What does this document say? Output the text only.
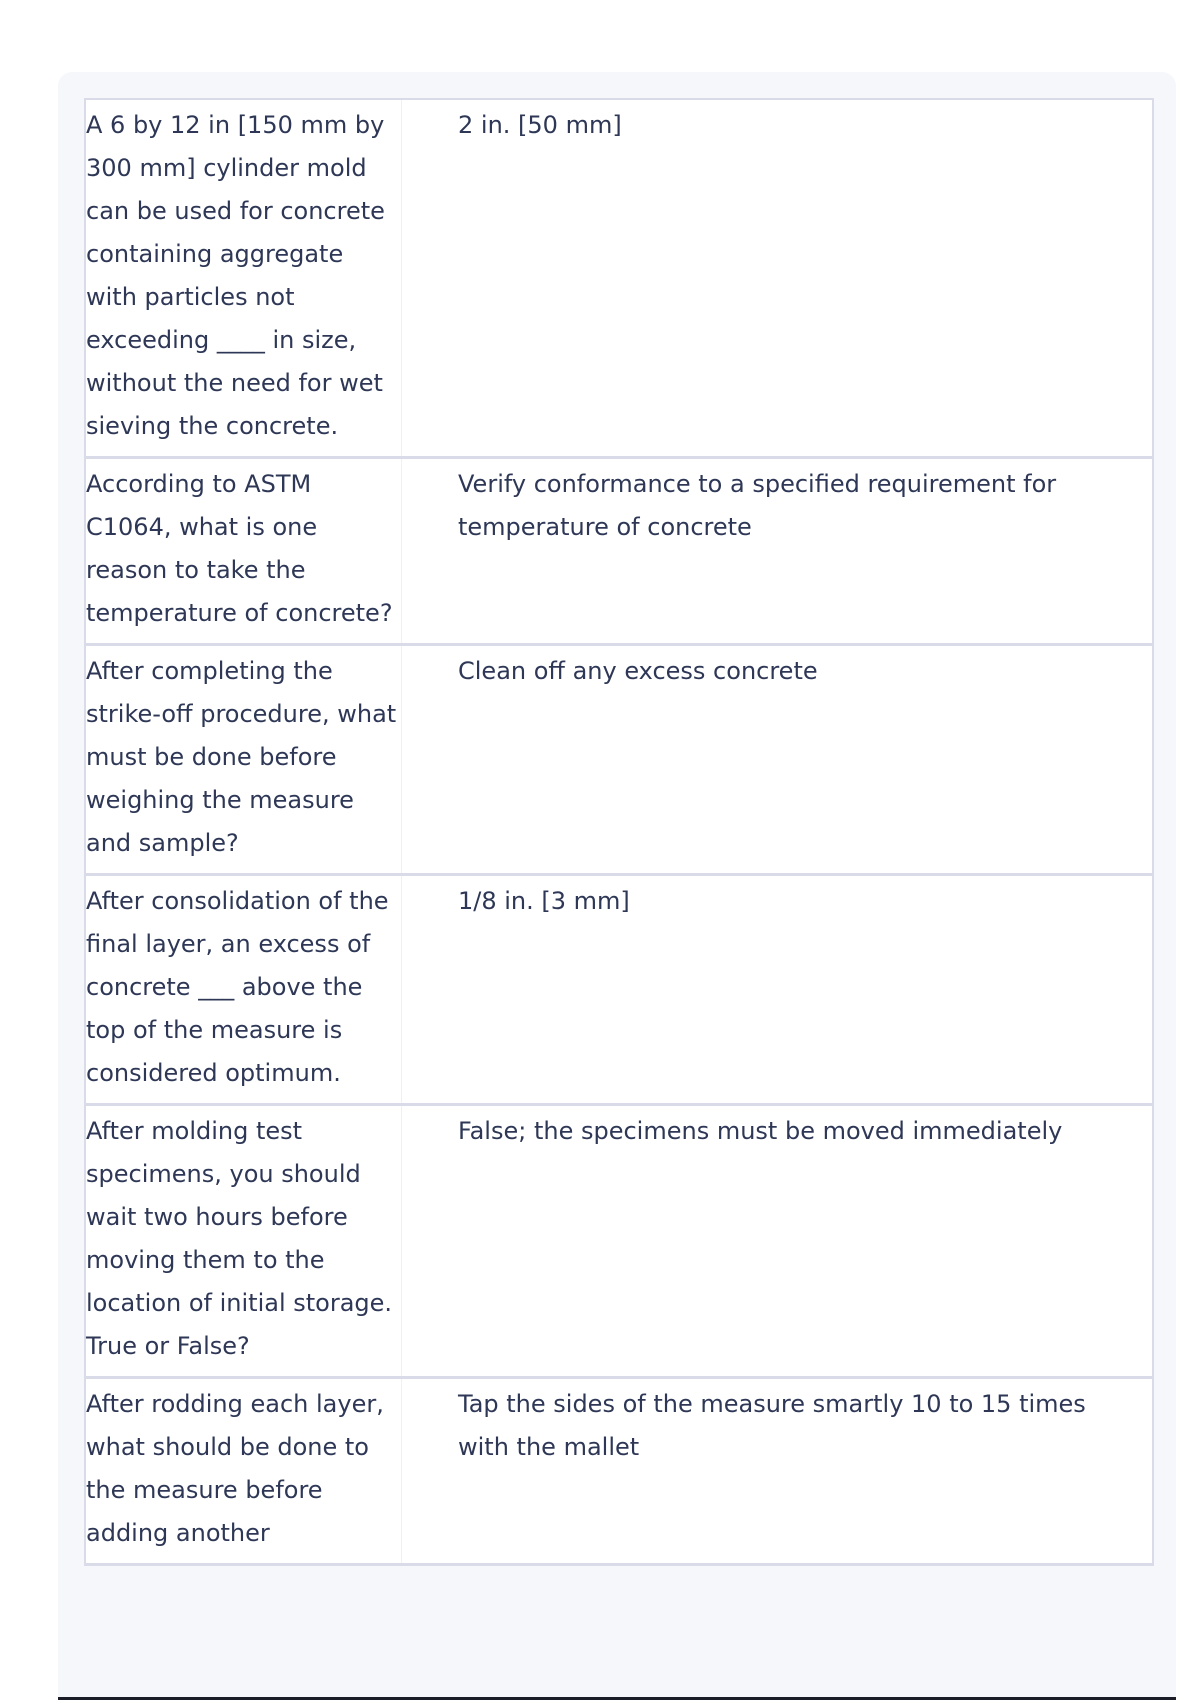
A 6 by 12 in [150 mm by 300 mm] cylinder mold can be used for concrete containing aggregate with particles not exceeding ____ in size, without the need for wet sieving the concrete.
2 in. [50 mm]
According to ASTM C1064, what is one reason to take the temperature of concrete?
Verify conformance to a specified requirement for temperature of concrete
After completing the strike-off procedure, what must be done before weighing the measure and sample?
Clean off any excess concrete
After consolidation of the final layer, an excess of concrete ___ above the top of the measure is considered optimum.
1/8 in. [3 mm]
After molding test specimens, you should wait two hours before moving them to the location of initial storage. True or False?
False; the specimens must be moved immediately
After rodding each layer, what should be done to the measure before adding another
Tap the sides of the measure smartly 10 to 15 times with the mallet
